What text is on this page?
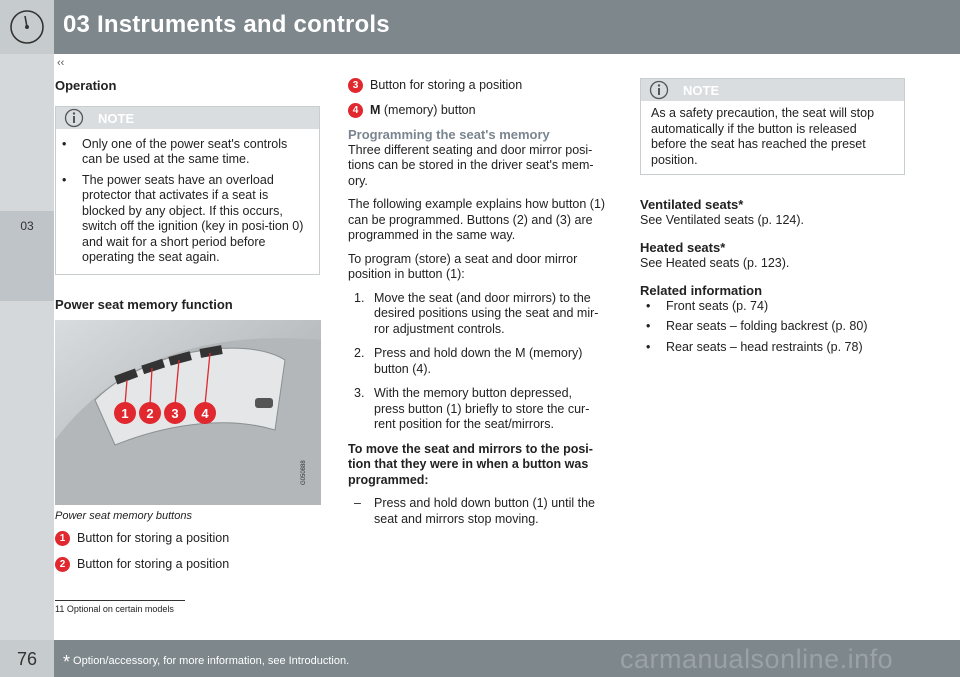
03 Instruments and controls
‹‹
03
Operation
NOTE
• Only one of the power seat's controls can be used at the same time.
• The power seats have an overload protector that activates if a seat is blocked by any object. If this occurs, switch off the ignition (key in posi-tion 0) and wait for a short period before operating the seat again.
Power seat memory function
1 2 3 4
G050888

Power seat memory buttons

1 Button for storing a position
2 Button for storing a position
11 Optional on certain models
3 Button for storing a position
4 M (memory) button
Programming the seat's memory

Three different seating and door mirror posi-tions can be stored in the driver seat's mem-ory.

The following example explains how button (1) can be programmed. Buttons (2) and (3) are programmed in the same way.

To program (store) a seat and door mirror position in button (1):

1. Move the seat (and door mirrors) to the desired positions using the seat and mir-ror adjustment controls.
2. Press and hold down the M (memory) button (4).
3. With the memory button depressed, press button (1) briefly to store the cur-rent position for the seat/mirrors.

To move the seat and mirrors to the posi-tion that they were in when a button was programmed:

– Press and hold down button (1) until the seat and mirrors stop moving.
NOTE

As a safety precaution, the seat will stop automatically if the button is released before the seat has reached the preset position.

Ventilated seats*

See Ventilated seats (p. 124).

Heated seats*

See Heated seats (p. 123).

Related information
• Front seats (p. 74)
• Rear seats – folding backrest (p. 80)
• Rear seats – head restraints (p. 78)
76	* Option/accessory, for more information, see Introduction.	carmanualsonline.info
